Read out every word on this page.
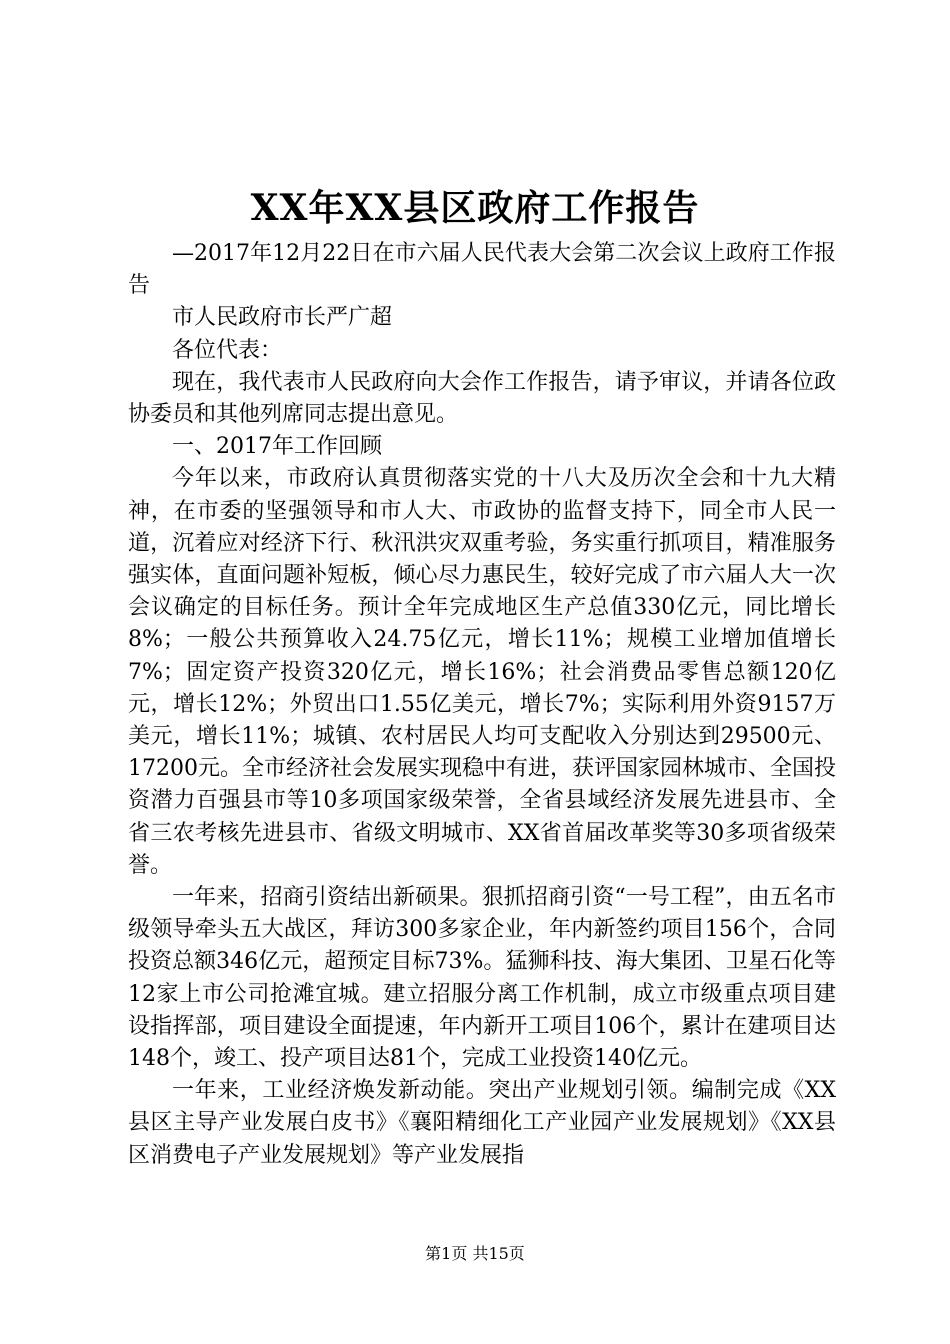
XX年XX县区政府工作报告

—2017年12月22日在市六届人民代表大会第二次会议上政府工作报告

市人民政府市长严广超

各位代表：

现在，我代表市人民政府向大会作工作报告，请予审议，并请各位政协委员和其他列席同志提出意见。

一、2017年工作回顾

今年以来，市政府认真贯彻落实党的十八大及历次全会和十九大精神，在市委的坚强领导和市人大、市政协的监督支持下，同全市人民一道，沉着应对经济下行、秋汛洪灾双重考验，务实重行抓项目，精准服务强实体，直面问题补短板，倾心尽力惠民生，较好完成了市六届人大一次会议确定的目标任务。预计全年完成地区生产总值330亿元，同比增长8%；一般公共预算收入24.75亿元，增长11%；规模工业增加值增长7%；固定资产投资320亿元，增长16%；社会消费品零售总额120亿元，增长12%；外贸出口1.55亿美元，增长7%；实际利用外资9157万美元，增长11%；城镇、农村居民人均可支配收入分别达到29500元、17200元。全市经济社会发展实现稳中有进，获评国家园林城市、全国投资潜力百强县市等10多项国家级荣誉，全省县域经济发展先进县市、全省三农考核先进县市、省级文明城市、XX省首届改革奖等30多项省级荣誉。

一年来，招商引资结出新硕果。狠抓招商引资“一号工程”，由五名市级领导牵头五大战区，拜访300多家企业，年内新签约项目156个，合同投资总额346亿元，超预定目标73%。猛狮科技、海大集团、卫星石化等12家上市公司抢滩宜城。建立招服分离工作机制，成立市级重点项目建设指挥部，项目建设全面提速，年内新开工项目106个，累计在建项目达148个，竣工、投产项目达81个，完成工业投资140亿元。

一年来，工业经济焕发新动能。突出产业规划引领。编制完成《XX县区主导产业发展白皮书》《襄阳精细化工产业园产业发展规划》《XX县区消费电子产业发展规划》等产业发展指

第1页 共15页
